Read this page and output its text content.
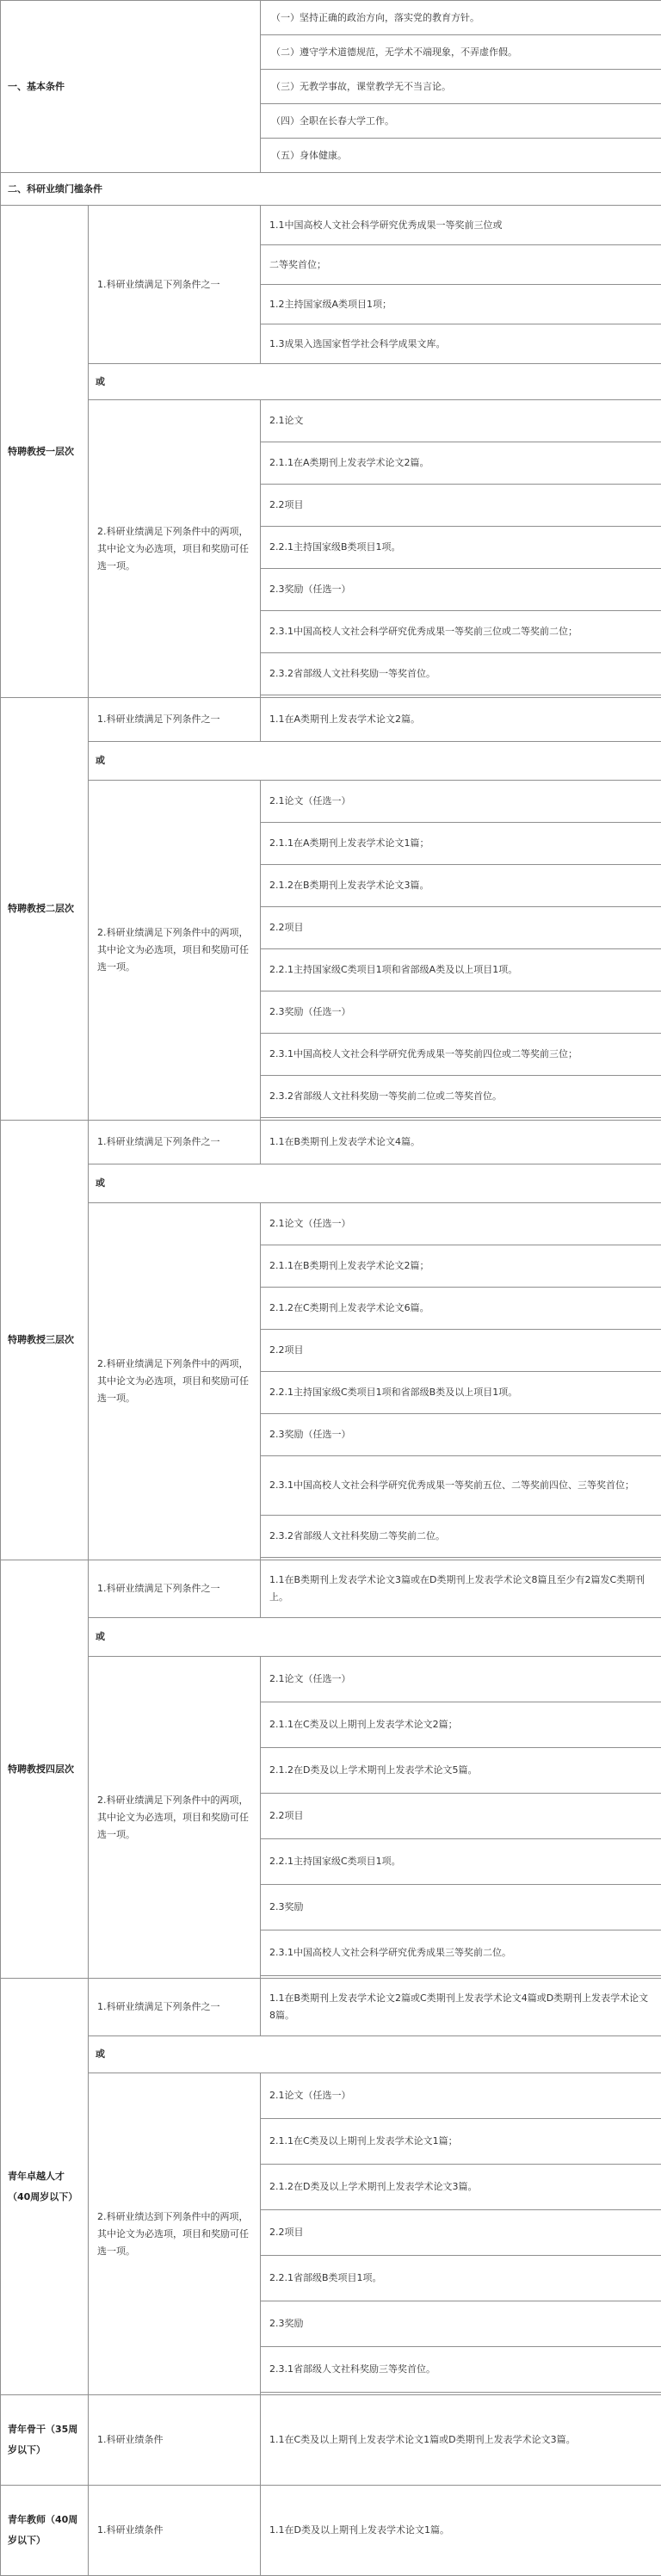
一、基本条件		（一）坚持正确的政治方向，落实党的教育方针。
		（二）遵守学术道德规范，无学术不端现象，不弄虚作假。
		（三）无教学事故，课堂教学无不当言论。
		（四）全职在长春大学工作。
		（五）身体健康。
二、科研业绩门槛条件		
特聘教授一层次	1.科研业绩满足下列条件之一	1.1中国高校人文社会科学研究优秀成果一等奖前三位或
		二等奖首位；
		1.2主持国家级A类项目1项；
		1.3成果入选国家哲学社会科学成果文库。
	或	
	2.科研业绩满足下列条件中的两项，其中论文为必选项，项目和奖励可任选一项。	2.1论文
		2.1.1在A类期刊上发表学术论文2篇。
		2.2项目
		2.2.1主持国家级B类项目1项。
		2.3奖励（任选一）
		2.3.1中国高校人文社会科学研究优秀成果一等奖前三位或二等奖前二位；
		2.3.2省部级人文社科奖励一等奖首位。

特聘教授二层次	1.科研业绩满足下列条件之一	1.1在A类期刊上发表学术论文2篇。
	或	
	2.科研业绩满足下列条件中的两项，其中论文为必选项，项目和奖励可任选一项。	2.1论文（任选一）
		2.1.1在A类期刊上发表学术论文1篇；
		2.1.2在B类期刊上发表学术论文3篇。
		2.2项目
		2.2.1主持国家级C类项目1项和省部级A类及以上项目1项。
		2.3奖励（任选一）
		2.3.1中国高校人文社会科学研究优秀成果一等奖前四位或二等奖前三位；
		2.3.2省部级人文社科奖励一等奖前二位或二等奖首位。

特聘教授三层次	1.科研业绩满足下列条件之一	1.1在B类期刊上发表学术论文4篇。
	或	
	2.科研业绩满足下列条件中的两项，其中论文为必选项，项目和奖励可任选一项。	2.1论文（任选一）
		2.1.1在B类期刊上发表学术论文2篇；
		2.1.2在C类期刊上发表学术论文6篇。
		2.2项目
		2.2.1主持国家级C类项目1项和省部级B类及以上项目1项。
		2.3奖励（任选一）
		2.3.1中国高校人文社会科学研究优秀成果一等奖前五位、二等奖前四位、三等奖首位；
		2.3.2省部级人文社科奖励二等奖前二位。

特聘教授四层次	1.科研业绩满足下列条件之一	1.1在B类期刊上发表学术论文3篇或在D类期刊上发表学术论文8篇且至少有2篇发C类期刊上。
	或	
	2.科研业绩满足下列条件中的两项，其中论文为必选项，项目和奖励可任选一项。	2.1论文（任选一）
		2.1.1在C类及以上期刊上发表学术论文2篇；
		2.1.2在D类及以上学术期刊上发表学术论文5篇。
		2.2项目
		2.2.1主持国家级C类项目1项。
		2.3奖励
		2.3.1中国高校人文社会科学研究优秀成果三等奖前二位。

青年卓越人才（40周岁以下）	1.科研业绩满足下列条件之一	1.1在B类期刊上发表学术论文2篇或C类期刊上发表学术论文4篇或D类期刊上发表学术论文8篇。
	或	
	2.科研业绩达到下列条件中的两项，其中论文为必选项，项目和奖励可任选一项。	2.1论文（任选一）
		2.1.1在C类及以上期刊上发表学术论文1篇；
		2.1.2在D类及以上学术期刊上发表学术论文3篇。
		2.2项目
		2.2.1省部级B类项目1项。
		2.3奖励
		2.3.1省部级人文社科奖励三等奖首位。

青年骨干（35周岁以下）	1.科研业绩条件	1.1在C类及以上期刊上发表学术论文1篇或D类期刊上发表学术论文3篇。
青年教师（40周岁以下）	1.科研业绩条件	1.1在D类及以上期刊上发表学术论文1篇。
